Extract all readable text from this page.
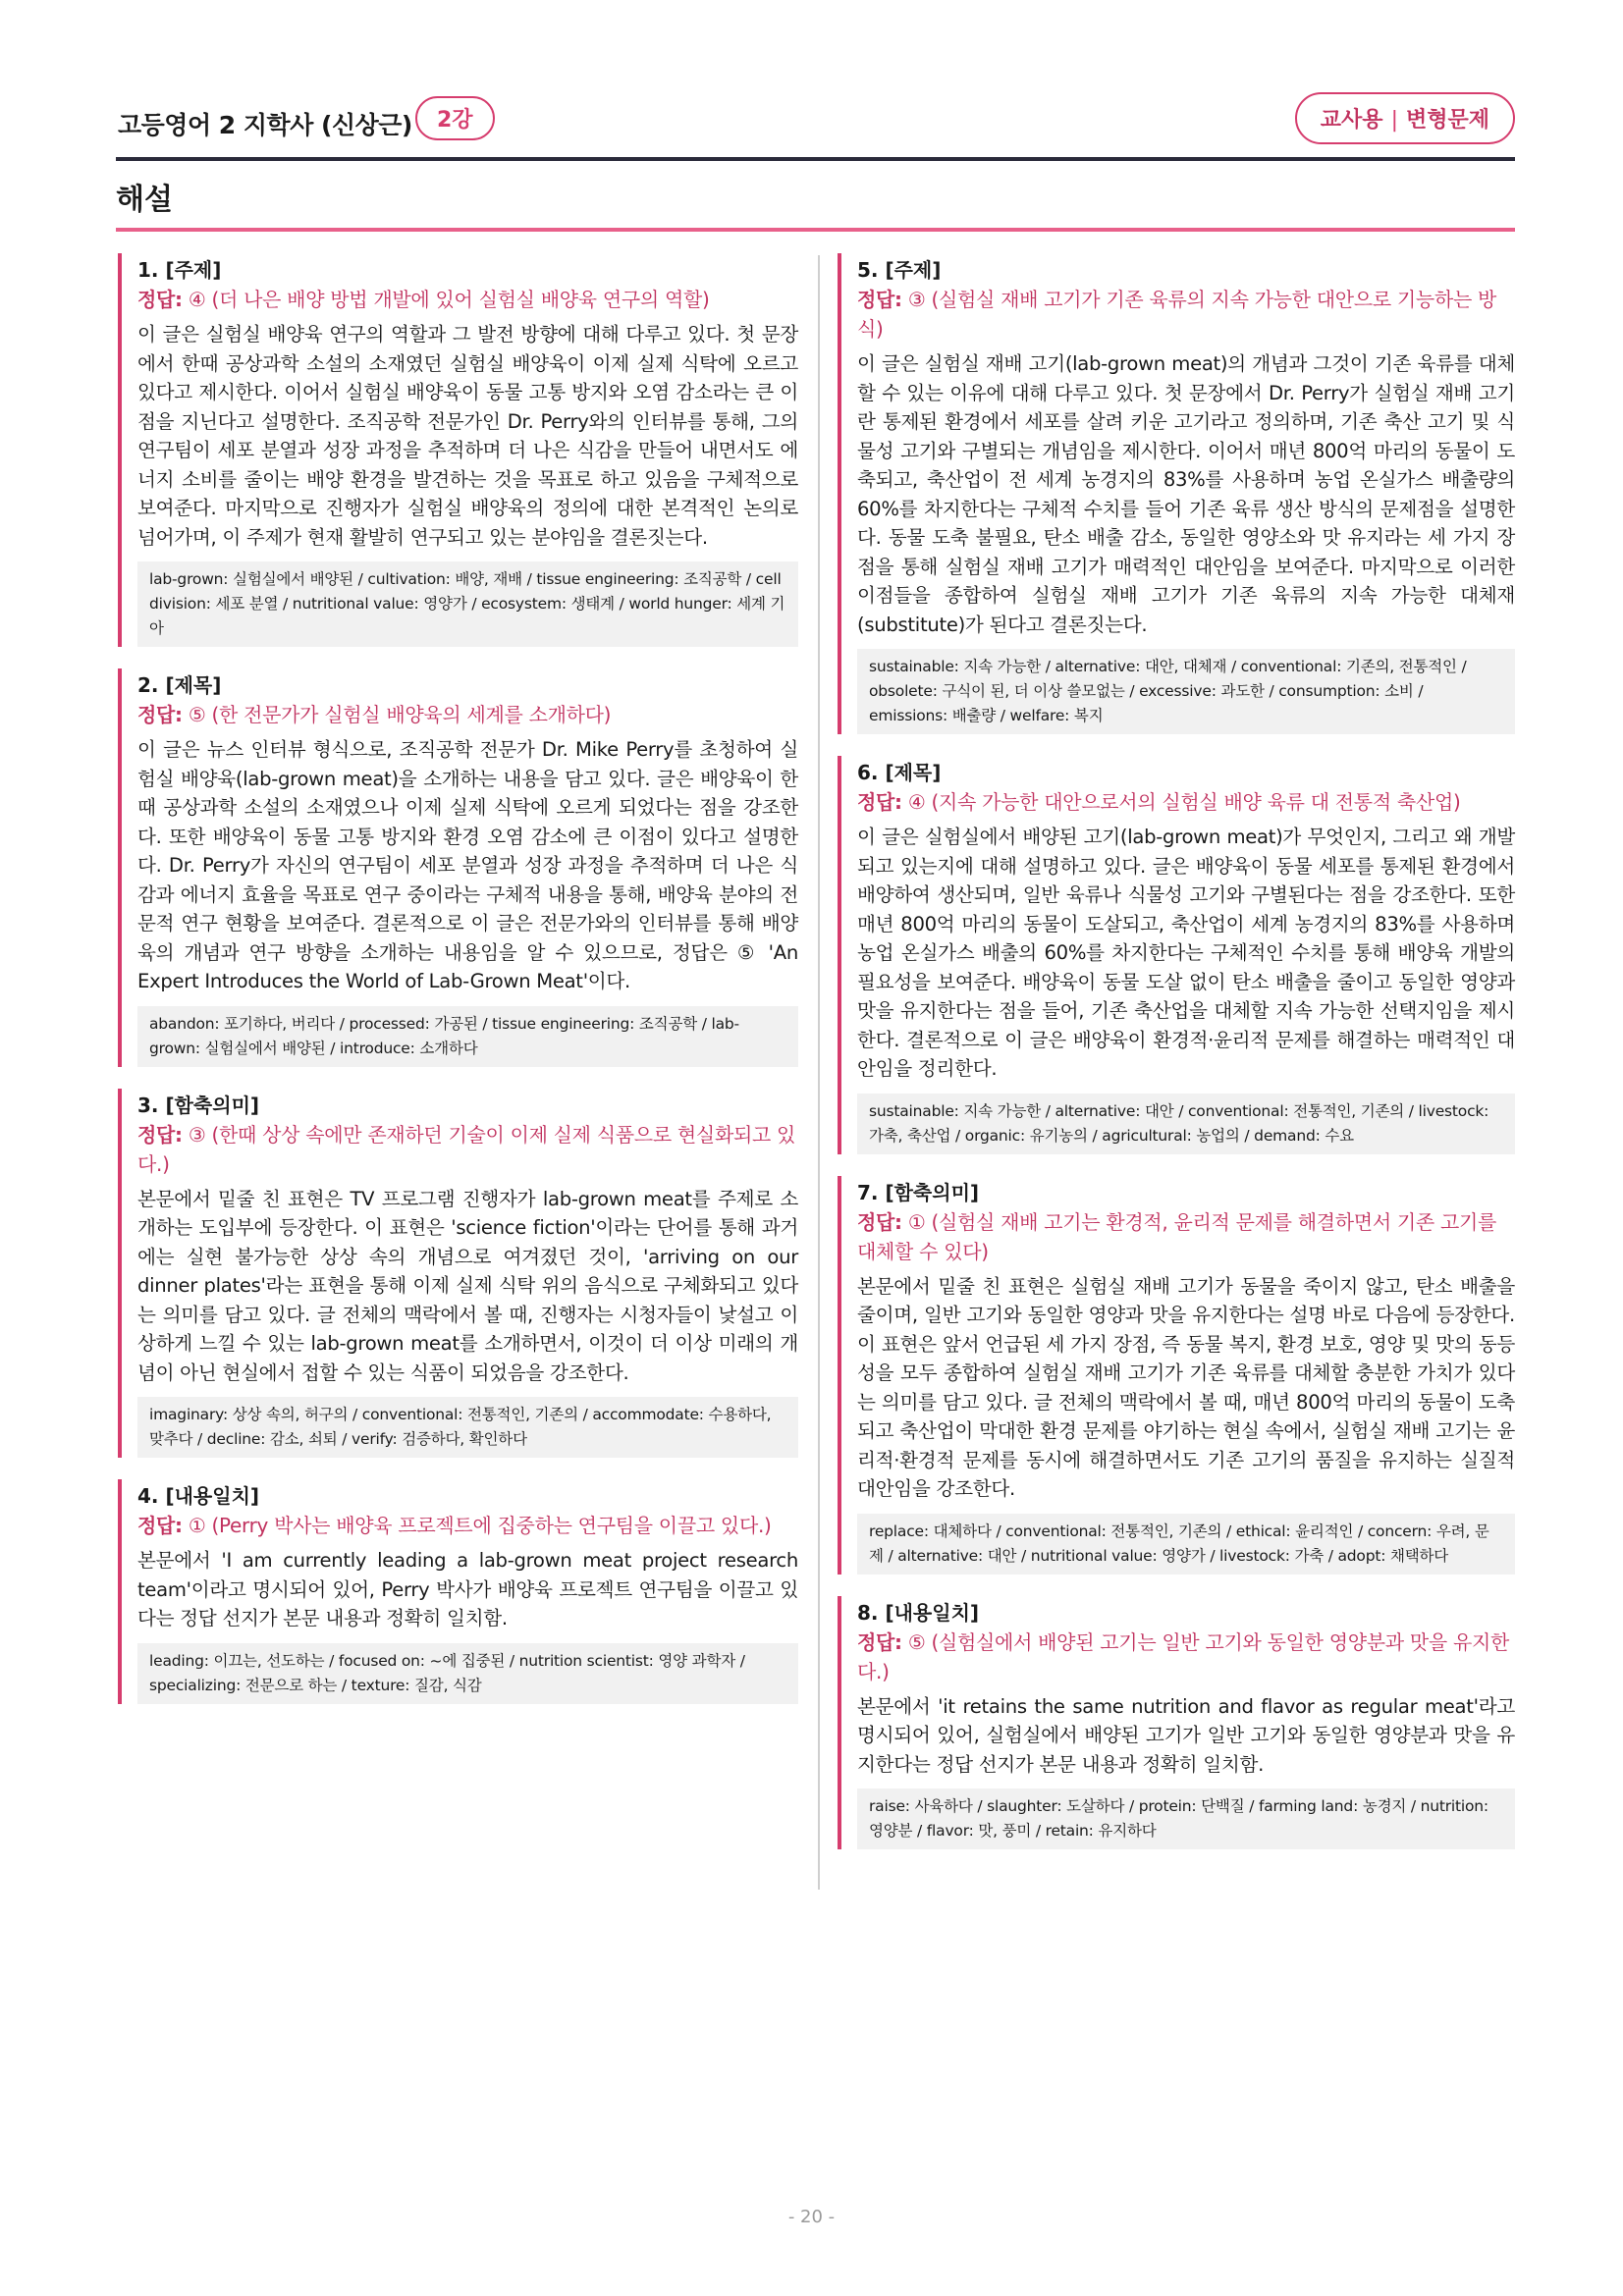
고등영어 2 지학사 (신상근)	2강	교사용 | 변형문제
해설
1. [주제]
정답: ④ (더 나은 배양 방법 개발에 있어 실험실 배양육 연구의 역할)
이 글은 실험실 배양육 연구의 역할과 그 발전 방향에 대해 다루고 있다. 첫 문장에서 한때 공상과학 소설의 소재였던 실험실 배양육이 이제 실제 식탁에 오르고 있다고 제시한다. 이어서 실험실 배양육이 동물 고통 방지와 오염 감소라는 큰 이점을 지닌다고 설명한다. 조직공학 전문가인 Dr. Perry와의 인터뷰를 통해, 그의 연구팀이 세포 분열과 성장 과정을 추적하며 더 나은 식감을 만들어 내면서도 에너지 소비를 줄이는 배양 환경을 발견하는 것을 목표로 하고 있음을 구체적으로 보여준다. 마지막으로 진행자가 실험실 배양육의 정의에 대한 본격적인 논의로 넘어가며, 이 주제가 현재 활발히 연구되고 있는 분야임을 결론짓는다.
lab-grown: 실험실에서 배양된 / cultivation: 배양, 재배 / tissue engineering: 조직공학 / cell division: 세포 분열 / nutritional value: 영양가 / ecosystem: 생태계 / world hunger: 세계 기아
2. [제목]
정답: ⑤ (한 전문가가 실험실 배양육의 세계를 소개하다)
이 글은 뉴스 인터뷰 형식으로, 조직공학 전문가 Dr. Mike Perry를 초청하여 실험실 배양육(lab-grown meat)을 소개하는 내용을 담고 있다. 글은 배양육이 한때 공상과학 소설의 소재였으나 이제 실제 식탁에 오르게 되었다는 점을 강조한다. 또한 배양육이 동물 고통 방지와 환경 오염 감소에 큰 이점이 있다고 설명한다. Dr. Perry가 자신의 연구팀이 세포 분열과 성장 과정을 추적하며 더 나은 식감과 에너지 효율을 목표로 연구 중이라는 구체적 내용을 통해, 배양육 분야의 전문적 연구 현황을 보여준다. 결론적으로 이 글은 전문가와의 인터뷰를 통해 배양육의 개념과 연구 방향을 소개하는 내용임을 알 수 있으므로, 정답은 ⑤ 'An Expert Introduces the World of Lab-Grown Meat'이다.
abandon: 포기하다, 버리다 / processed: 가공된 / tissue engineering: 조직공학 / lab-grown: 실험실에서 배양된 / introduce: 소개하다
3. [함축의미]
정답: ③ (한때 상상 속에만 존재하던 기술이 이제 실제 식품으로 현실화되고 있다.)
본문에서 밑줄 친 표현은 TV 프로그램 진행자가 lab-grown meat를 주제로 소개하는 도입부에 등장한다. 이 표현은 'science fiction'이라는 단어를 통해 과거에는 실현 불가능한 상상 속의 개념으로 여겨졌던 것이, 'arriving on our dinner plates'라는 표현을 통해 이제 실제 식탁 위의 음식으로 구체화되고 있다는 의미를 담고 있다. 글 전체의 맥락에서 볼 때, 진행자는 시청자들이 낯설고 이상하게 느낄 수 있는 lab-grown meat를 소개하면서, 이것이 더 이상 미래의 개념이 아닌 현실에서 접할 수 있는 식품이 되었음을 강조한다.
imaginary: 상상 속의, 허구의 / conventional: 전통적인, 기존의 / accommodate: 수용하다, 맞추다 / decline: 감소, 쇠퇴 / verify: 검증하다, 확인하다
4. [내용일치]
정답: ① (Perry 박사는 배양육 프로젝트에 집중하는 연구팀을 이끌고 있다.)
본문에서 'I am currently leading a lab-grown meat project research team'이라고 명시되어 있어, Perry 박사가 배양육 프로젝트 연구팀을 이끌고 있다는 정답 선지가 본문 내용과 정확히 일치함.
leading: 이끄는, 선도하는 / focused on: ~에 집중된 / nutrition scientist: 영양 과학자 / specializing: 전문으로 하는 / texture: 질감, 식감
5. [주제]
정답: ③ (실험실 재배 고기가 기존 육류의 지속 가능한 대안으로 기능하는 방식)
이 글은 실험실 재배 고기(lab-grown meat)의 개념과 그것이 기존 육류를 대체할 수 있는 이유에 대해 다루고 있다. 첫 문장에서 Dr. Perry가 실험실 재배 고기란 통제된 환경에서 세포를 살려 키운 고기라고 정의하며, 기존 축산 고기 및 식물성 고기와 구별되는 개념임을 제시한다. 이어서 매년 800억 마리의 동물이 도축되고, 축산업이 전 세계 농경지의 83%를 사용하며 농업 온실가스 배출량의 60%를 차지한다는 구체적 수치를 들어 기존 육류 생산 방식의 문제점을 설명한다. 동물 도축 불필요, 탄소 배출 감소, 동일한 영양소와 맛 유지라는 세 가지 장점을 통해 실험실 재배 고기가 매력적인 대안임을 보여준다. 마지막으로 이러한 이점들을 종합하여 실험실 재배 고기가 기존 육류의 지속 가능한 대체재(substitute)가 된다고 결론짓는다.
sustainable: 지속 가능한 / alternative: 대안, 대체재 / conventional: 기존의, 전통적인 / obsolete: 구식이 된, 더 이상 쓸모없는 / excessive: 과도한 / consumption: 소비 / emissions: 배출량 / welfare: 복지
6. [제목]
정답: ④ (지속 가능한 대안으로서의 실험실 배양 육류 대 전통적 축산업)
이 글은 실험실에서 배양된 고기(lab-grown meat)가 무엇인지, 그리고 왜 개발되고 있는지에 대해 설명하고 있다. 글은 배양육이 동물 세포를 통제된 환경에서 배양하여 생산되며, 일반 육류나 식물성 고기와 구별된다는 점을 강조한다. 또한 매년 800억 마리의 동물이 도살되고, 축산업이 세계 농경지의 83%를 사용하며 농업 온실가스 배출의 60%를 차지한다는 구체적인 수치를 통해 배양육 개발의 필요성을 보여준다. 배양육이 동물 도살 없이 탄소 배출을 줄이고 동일한 영양과 맛을 유지한다는 점을 들어, 기존 축산업을 대체할 지속 가능한 선택지임을 제시한다. 결론적으로 이 글은 배양육이 환경적·윤리적 문제를 해결하는 매력적인 대안임을 정리한다.
sustainable: 지속 가능한 / alternative: 대안 / conventional: 전통적인, 기존의 / livestock: 가축, 축산업 / organic: 유기농의 / agricultural: 농업의 / demand: 수요
7. [함축의미]
정답: ① (실험실 재배 고기는 환경적, 윤리적 문제를 해결하면서 기존 고기를 대체할 수 있다)
본문에서 밑줄 친 표현은 실험실 재배 고기가 동물을 죽이지 않고, 탄소 배출을 줄이며, 일반 고기와 동일한 영양과 맛을 유지한다는 설명 바로 다음에 등장한다. 이 표현은 앞서 언급된 세 가지 장점, 즉 동물 복지, 환경 보호, 영양 및 맛의 동등성을 모두 종합하여 실험실 재배 고기가 기존 육류를 대체할 충분한 가치가 있다는 의미를 담고 있다. 글 전체의 맥락에서 볼 때, 매년 800억 마리의 동물이 도축되고 축산업이 막대한 환경 문제를 야기하는 현실 속에서, 실험실 재배 고기는 윤리적·환경적 문제를 동시에 해결하면서도 기존 고기의 품질을 유지하는 실질적 대안임을 강조한다.
replace: 대체하다 / conventional: 전통적인, 기존의 / ethical: 윤리적인 / concern: 우려, 문제 / alternative: 대안 / nutritional value: 영양가 / livestock: 가축 / adopt: 채택하다
8. [내용일치]
정답: ⑤ (실험실에서 배양된 고기는 일반 고기와 동일한 영양분과 맛을 유지한다.)
본문에서 'it retains the same nutrition and flavor as regular meat'라고 명시되어 있어, 실험실에서 배양된 고기가 일반 고기와 동일한 영양분과 맛을 유지한다는 정답 선지가 본문 내용과 정확히 일치함.
raise: 사육하다 / slaughter: 도살하다 / protein: 단백질 / farming land: 농경지 / nutrition: 영양분 / flavor: 맛, 풍미 / retain: 유지하다
- 20 -
